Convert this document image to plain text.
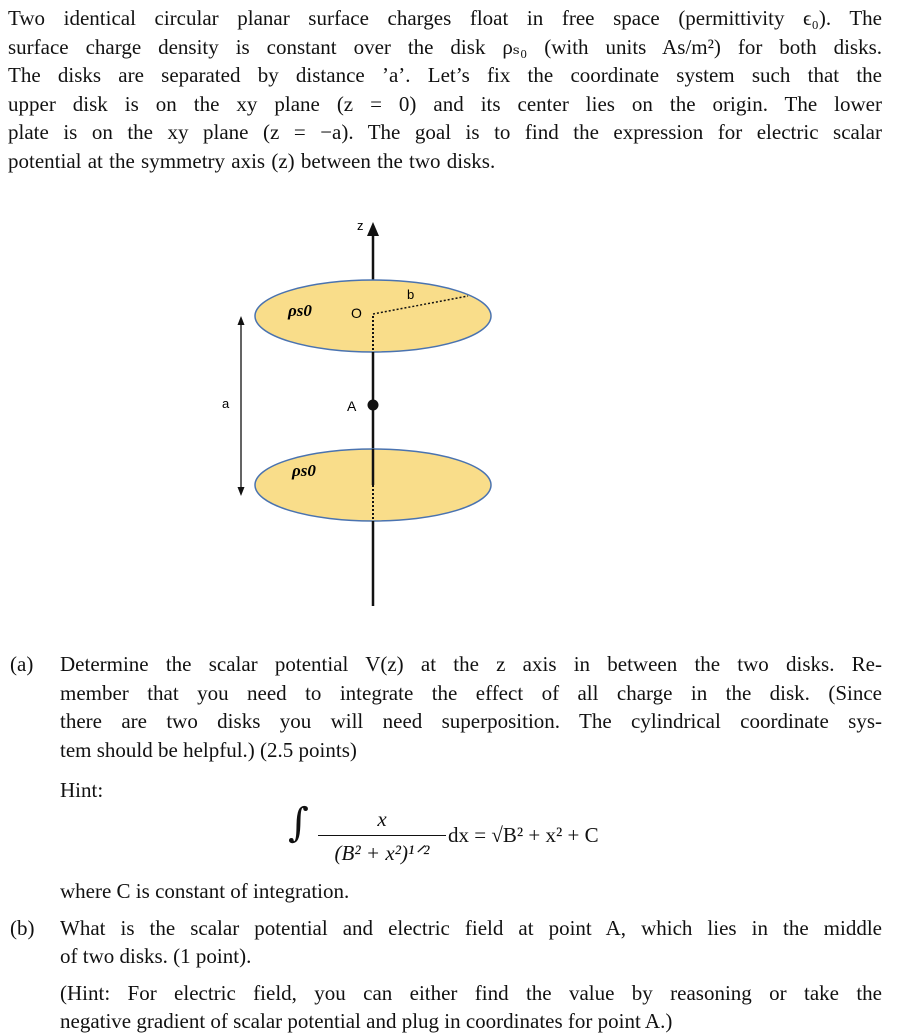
Two identical circular planar surface charges float in free space (permittivity ϵ₀). The
surface charge density is constant over the disk ρₛ₀ (with units As/m²) for both disks.
The disks are separated by distance ’a’. Let’s fix the coordinate system such that the
upper disk is on the xy plane (z = 0) and its center lies on the origin. The lower
plate is on the xy plane (z = −a). The goal is to find the expression for electric scalar
potential at the symmetry axis (z) between the two disks.
z
O
b
ρs0
ρs0
a	A
(a) Determine the scalar potential V(z) at the z axis in between the two disks. Re-
member that you need to integrate the effect of all charge in the disk. (Since
there are two disks you will need superposition. The cylindrical coordinate sys-
tem should be helpful.) (2.5 points)
Hint:
∫	x
(B² + x²)¹ᐟ²
dx = √B² + x² + C
where C is constant of integration.
(b) What is the scalar potential and electric field at point A, which lies in the middle
of two disks. (1 point).
(Hint: For electric field, you can either find the value by reasoning or take the
negative gradient of scalar potential and plug in coordinates for point A.)
